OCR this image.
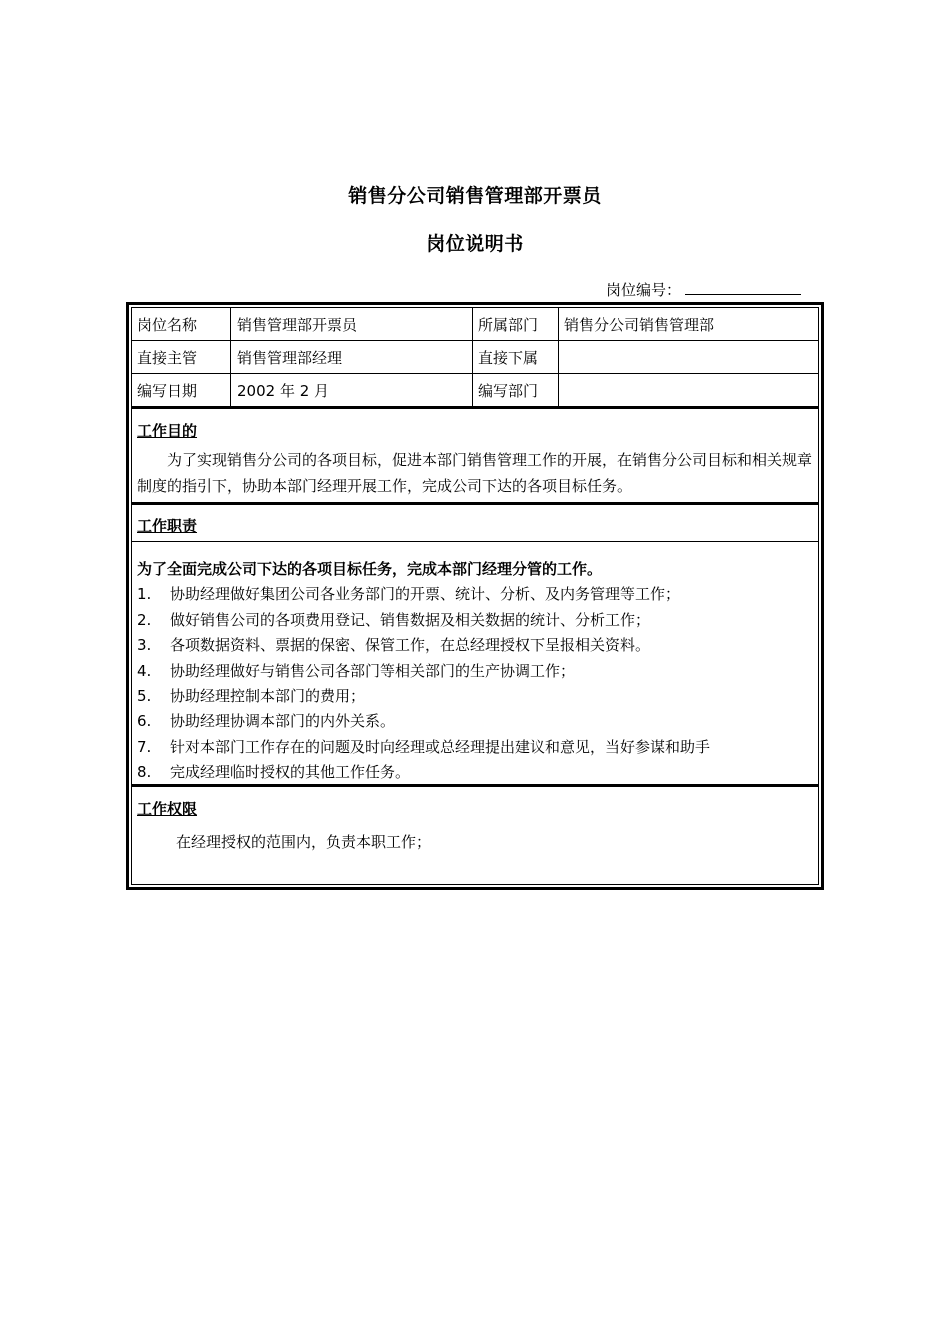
销售分公司销售管理部开票员
岗位说明书
岗位编号：
岗位名称	销售管理部开票员	所属部门 销售分公司销售管理部
直接主管	销售管理部经理	直接下属
编写日期	2002 年 2 月	编写部门
工作目的
为了实现销售分公司的各项目标，促进本部门销售管理工作的开展，在销售分公司目标和相关规章制度的指引下，协助本部门经理开展工作，完成公司下达的各项目标任务。
工作职责
为了全面完成公司下达的各项目标任务，完成本部门经理分管的工作。
1. 协助经理做好集团公司各业务部门的开票、统计、分析、及内务管理等工作；
2. 做好销售公司的各项费用登记、销售数据及相关数据的统计、分析工作；
3. 各项数据资料、票据的保密、保管工作，在总经理授权下呈报相关资料。
4. 协助经理做好与销售公司各部门等相关部门的生产协调工作；
5. 协助经理控制本部门的费用；
6. 协助经理协调本部门的内外关系。
7. 针对本部门工作存在的问题及时向经理或总经理提出建议和意见，当好参谋和助手
8. 完成经理临时授权的其他工作任务。
工作权限
在经理授权的范围内，负责本职工作；
